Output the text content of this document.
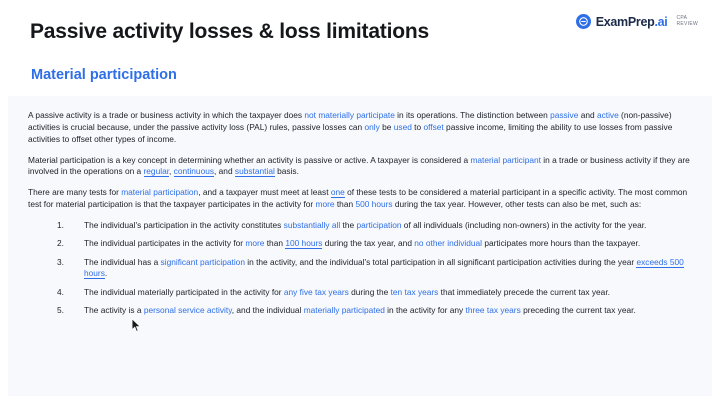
Passive activity losses & loss limitations	ExamPrep.ai CPA
REVIEW
Material participation

A passive activity is a trade or business activity in which the taxpayer does not materially participate in its operations. The distinction between passive and active (non-passive) activities is crucial because, under the passive activity loss (PAL) rules, passive losses can only be used to offset passive income, limiting the ability to use losses from passive activities to offset other types of income.

Material participation is a key concept in determining whether an activity is passive or active. A taxpayer is considered a material participant in a trade or business activity if they are involved in the operations on a regular, continuous, and substantial basis.

There are many tests for material participation, and a taxpayer must meet at least one of these tests to be considered a material participant in a specific activity. The most common test for material participation is that the taxpayer participates in the activity for more than 500 hours during the tax year. However, other tests can also be met, such as:

The individual's participation in the activity constitutes substantially all the participation of all individuals (including non-owners) in the activity for the year.
The individual participates in the activity for more than 100 hours during the tax year, and no other individual participates more hours than the taxpayer.
The individual has a significant participation in the activity, and the individual's total participation in all significant participation activities during the year exceeds 500 hours.
The individual materially participated in the activity for any five tax years during the ten tax years that immediately precede the current tax year.
The activity is a personal service activity, and the individual materially participated in the activity for any three tax years preceding the current tax year.
